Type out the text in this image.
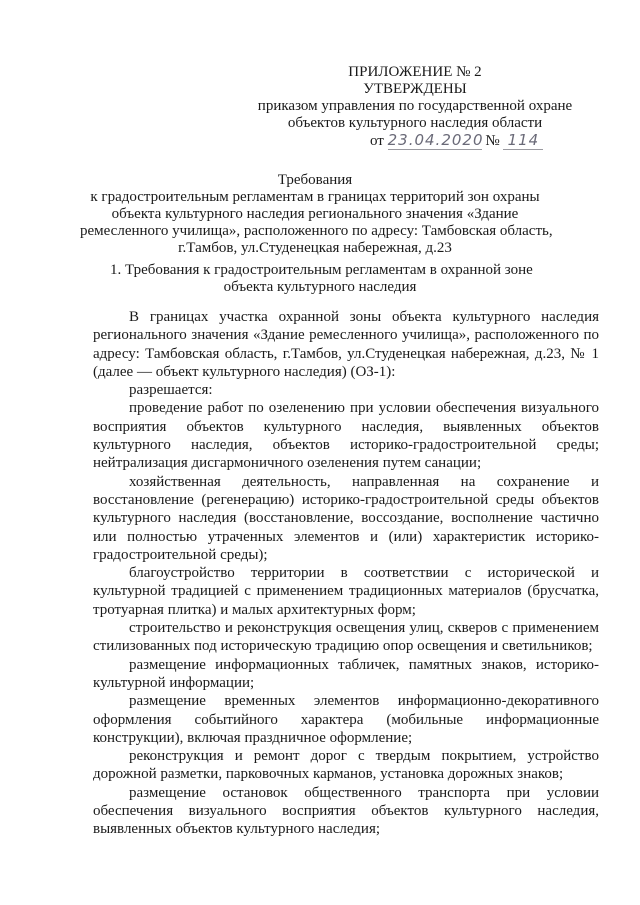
ПРИЛОЖЕНИЕ № 2
УТВЕРЖДЕНЫ
приказом управления по государственной охране
объектов культурного наследия области
от 23.04.2020 № 114
Требования
к градостроительным регламентам в границах территорий зон охраны
объекта культурного наследия регионального значения «Здание
ремесленного училища», расположенного по адресу: Тамбовская область,
г.Тамбов, ул.Студенецкая набережная, д.23
1. Требования к градостроительным регламентам в охранной зоне
объекта культурного наследия

В границах участка охранной зоны объекта культурного наследия регионального значения «Здание ремесленного училища», расположенного по адресу: Тамбовская область, г.Тамбов, ул.Студенецкая набережная, д.23, № 1 (далее — объект культурного наследия) (ОЗ-1):

разрешается:

проведение работ по озеленению при условии обеспечения визуального восприятия объектов культурного наследия, выявленных объектов культурного наследия, объектов историко-градостроительной среды; нейтрализация дисгармоничного озеленения путем санации;

хозяйственная деятельность, направленная на сохранение и восстановление (регенерацию) историко-градостроительной среды объектов культурного наследия (восстановление, воссоздание, восполнение частично или полностью утраченных элементов и (или) характеристик историко-градостроительной среды);

благоустройство территории в соответствии с исторической и культурной традицией с применением традиционных материалов (брусчатка, тротуарная плитка) и малых архитектурных форм;

строительство и реконструкция освещения улиц, скверов с применением стилизованных под историческую традицию опор освещения и светильников;

размещение информационных табличек, памятных знаков, историко-культурной информации;

размещение временных элементов информационно-декоративного оформления событийного характера (мобильные информационные конструкции), включая праздничное оформление;

реконструкция и ремонт дорог с твердым покрытием, устройство дорожной разметки, парковочных карманов, установка дорожных знаков;

размещение остановок общественного транспорта при условии обеспечения визуального восприятия объектов культурного наследия, выявленных объектов культурного наследия;
